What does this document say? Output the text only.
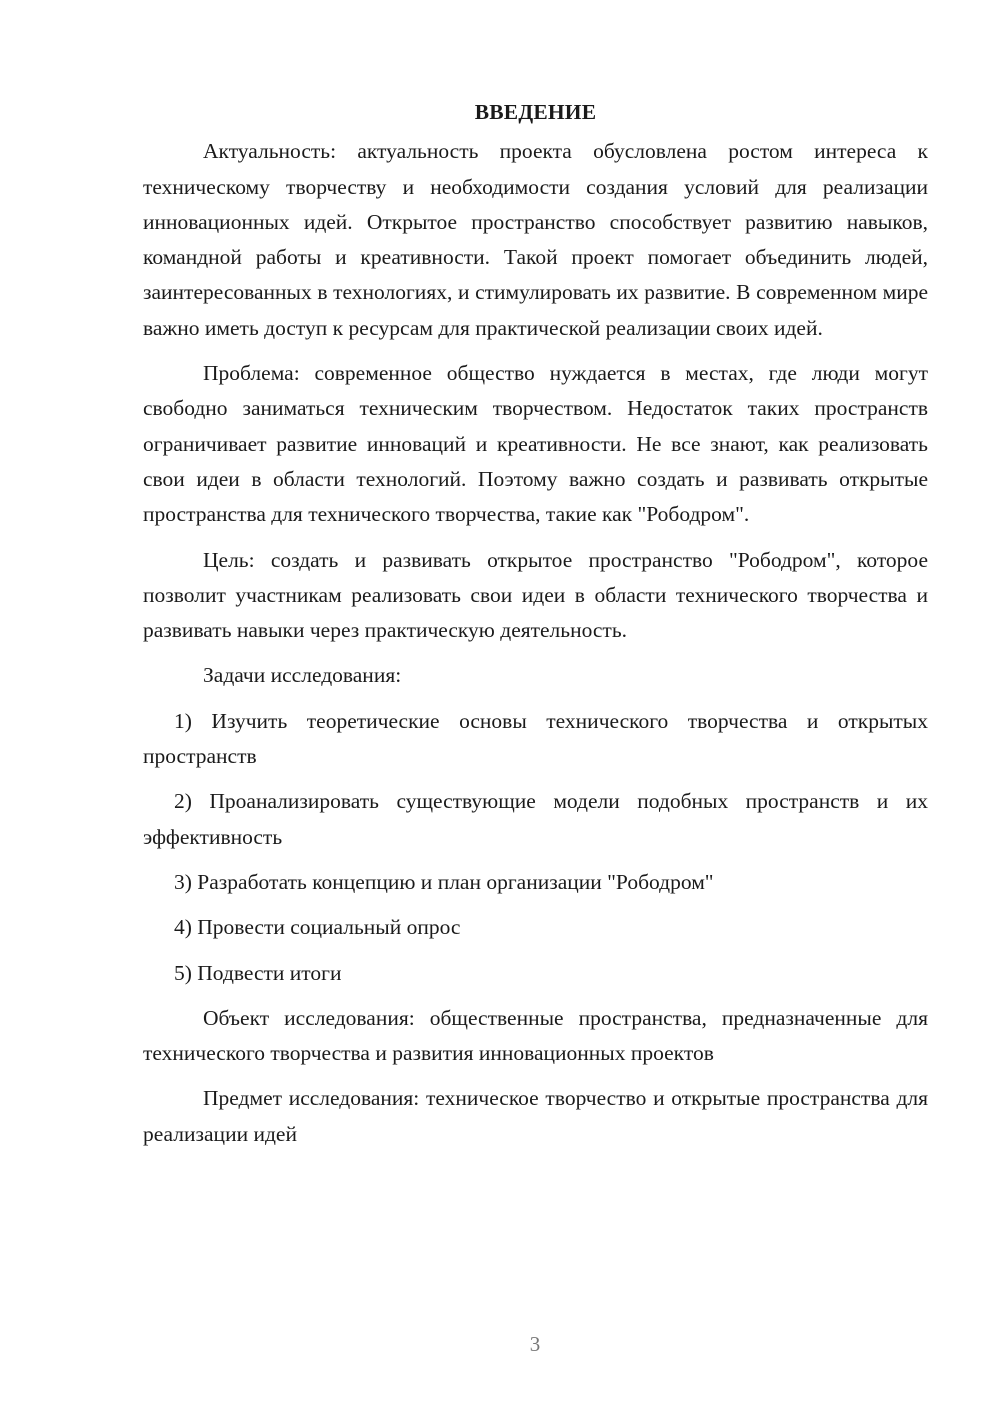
ВВЕДЕНИЕ

Актуальность: актуальность проекта обусловлена ростом интереса к техническому творчеству и необходимости создания условий для реализации инновационных идей. Открытое пространство способствует развитию навыков, командной работы и креативности. Такой проект помогает объединить людей, заинтересованных в технологиях, и стимулировать их развитие. В современном мире важно иметь доступ к ресурсам для практической реализации своих идей.

Проблема: современное общество нуждается в местах, где люди могут свободно заниматься техническим творчеством. Недостаток таких пространств ограничивает развитие инноваций и креативности. Не все знают, как реализовать свои идеи в области технологий. Поэтому важно создать и развивать открытые пространства для технического творчества, такие как "Рободром".

Цель: создать и развивать открытое пространство "Рободром", которое позволит участникам реализовать свои идеи в области технического творчества и развивать навыки через практическую деятельность.

Задачи исследования:

1) Изучить теоретические основы технического творчества и открытых пространств

2) Проанализировать существующие модели подобных пространств и их эффективность

3) Разработать концепцию и план организации "Рободром"

4) Провести социальный опрос

5) Подвести итоги

Объект исследования: общественные пространства, предназначенные для технического творчества и развития инновационных проектов

Предмет исследования: техническое творчество и открытые пространства для реализации идей

3
